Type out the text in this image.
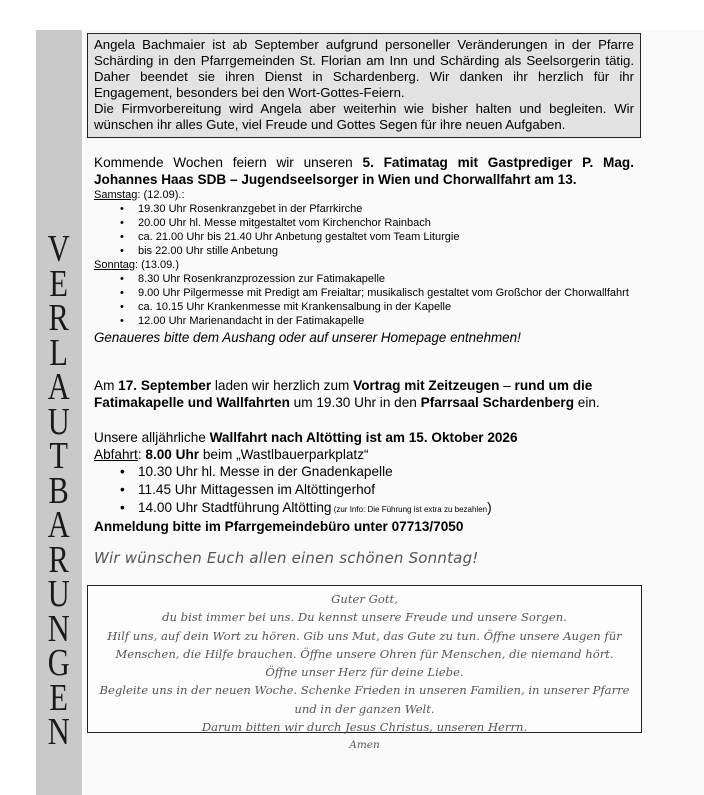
V
E
R
L
A
U
T
B
A
R
U
N
G
E
N

Angela Bachmaier ist ab September aufgrund personeller Veränderungen in der Pfarre Schärding in den Pfarrgemeinden St. Florian am Inn und Schärding als Seelsorgerin tätig. Daher beendet sie ihren Dienst in Schardenberg. Wir danken ihr herzlich für ihr Engagement, besonders bei den Wort-Gottes-Feiern.

Die Firmvorbereitung wird Angela aber weiterhin wie bisher halten und begleiten. Wir wünschen ihr alles Gute, viel Freude und Gottes Segen für ihre neuen Aufgaben.

Kommende Wochen feiern wir unseren 5. Fatimatag mit Gastprediger P. Mag. Johannes Haas SDB – Jugendseelsorger in Wien und Chorwallfahrt am 13.

Samstag: (12.09).:
• 19.30 Uhr Rosenkranzgebet in der Pfarrkirche
• 20.00 Uhr hl. Messe mitgestaltet vom Kirchenchor Rainbach
• ca. 21.00 Uhr bis 21.40 Uhr Anbetung gestaltet vom Team Liturgie
• bis 22.00 Uhr stille Anbetung
Sonntag: (13.09.)
• 8.30 Uhr Rosenkranzprozession zur Fatimakapelle
• 9.00 Uhr Pilgermesse mit Predigt am Freialtar; musikalisch gestaltet vom Großchor der Chorwallfahrt
• ca. 10.15 Uhr Krankenmesse mit Krankensalbung in der Kapelle
• 12.00 Uhr Marienandacht in der Fatimakapelle
Genaueres bitte dem Aushang oder auf unserer Homepage entnehmen!

Am 17. September laden wir herzlich zum Vortrag mit Zeitzeugen – rund um die Fatimakapelle und Wallfahrten um 19.30 Uhr in den Pfarrsaal Schardenberg ein.

Unsere alljährliche Wallfahrt nach Altötting ist am 15. Oktober 2026

Abfahrt: 8.00 Uhr beim „Wastlbauerparkplatz“

• 10.30 Uhr hl. Messe in der Gnadenkapelle
• 11.45 Uhr Mittagessen im Altöttingerhof
• 14.00 Uhr Stadtführung Altötting (zur Info: Die Führung ist extra zu bezahlen)

Anmeldung bitte im Pfarrgemeindebüro unter 07713/7050

Wir wünschen Euch allen einen schönen Sonntag!
Guter Gott,
du bist immer bei uns. Du kennst unsere Freude und unsere Sorgen.
Hilf uns, auf dein Wort zu hören. Gib uns Mut, das Gute zu tun. Öffne unsere Augen für
Menschen, die Hilfe brauchen. Öffne unsere Ohren für Menschen, die niemand hört.
Öffne unser Herz für deine Liebe.
Begleite uns in der neuen Woche. Schenke Frieden in unseren Familien, in unserer Pfarre
und in der ganzen Welt.
Darum bitten wir durch Jesus Christus, unseren Herrn.
Amen
